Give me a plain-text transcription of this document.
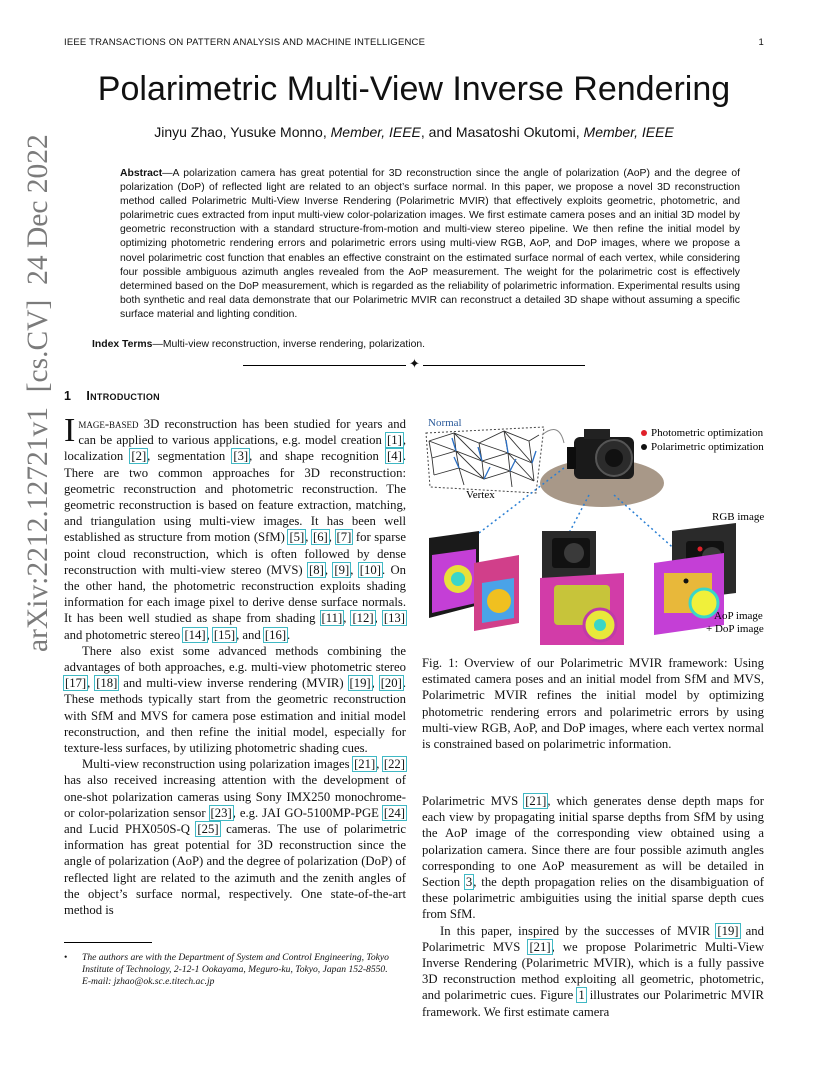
IEEE TRANSACTIONS ON PATTERN ANALYSIS AND MACHINE INTELLIGENCE	1
Polarimetric Multi-View Inverse Rendering
Jinyu Zhao, Yusuke Monno, Member, IEEE, and Masatoshi Okutomi, Member, IEEE
Abstract—A polarization camera has great potential for 3D reconstruction since the angle of polarization (AoP) and the degree of polarization (DoP) of reflected light are related to an object’s surface normal. In this paper, we propose a novel 3D reconstruction method called Polarimetric Multi-View Inverse Rendering (Polarimetric MVIR) that effectively exploits geometric, photometric, and polarimetric cues extracted from input multi-view color-polarization images. We first estimate camera poses and an initial 3D model by geometric reconstruction with a standard structure-from-motion and multi-view stereo pipeline. We then refine the initial model by optimizing photometric rendering errors and polarimetric errors using multi-view RGB, AoP, and DoP images, where we propose a novel polarimetric cost function that enables an effective constraint on the estimated surface normal of each vertex, while considering four possible ambiguous azimuth angles revealed from the AoP measurement. The weight for the polarimetric cost is effectively determined based on the DoP measurement, which is regarded as the reliability of polarimetric information. Experimental results using both synthetic and real data demonstrate that our Polarimetric MVIR can reconstruct a detailed 3D shape without assuming a specific surface material and lighting condition.
Index Terms—Multi-view reconstruction, inverse rendering, polarization.
✦
arXiv:2212.12721v1  [cs.CV]  24 Dec 2022 1 Introduction

Image-based 3D reconstruction has been studied for years and can be applied to various applications, e.g. model creation [1], localization [2], segmentation [3], and shape recognition [4]. There are two common approaches for 3D reconstruction: geometric reconstruction and photometric reconstruction. The geometric reconstruction is based on feature extraction, matching, and triangulation using multi-view images. It has been well established as structure from motion (SfM) [5], [6], [7] for sparse point cloud reconstruction, which is often followed by dense reconstruction with multi-view stereo (MVS) [8], [9], [10]. On the other hand, the photometric reconstruction exploits shading information for each image pixel to derive dense surface normals. It has been well studied as shape from shading [11], [12], [13] and photometric stereo [14], [15], and [16].

There also exist some advanced methods combining the advantages of both approaches, e.g. multi-view photometric stereo [17], [18] and multi-view inverse rendering (MVIR) [19], [20]. These methods typically start from the geometric reconstruction with SfM and MVS for camera pose estimation and initial model reconstruction, and then refine the initial model, especially for texture-less surfaces, by utilizing photometric shading cues.

Multi-view reconstruction using polarization images [21], [22] has also received increasing attention with the development of one-shot polarization cameras using Sony IMX250 monochrome- or color-polarization sensor [23], e.g. JAI GO-5100MP-PGE [24] and Lucid PHX050S-Q [25] cameras. The use of polarimetric information has great potential for 3D reconstruction since the angle of polarization (AoP) and the degree of polarization (DoP) of reflected light are related to the azimuth and the zenith angles of the object’s surface normal, respectively. One state-of-the-art method is

• The authors are with the Department of System and Control Engineering, Tokyo Institute of Technology, 2-12-1 Ookayama, Meguro-ku, Tokyo, Japan 152-8550.
E-mail: jzhao@ok.sc.e.titech.ac.jp
Normal
Vertex
Photometric optimization
Polarimetric optimization
RGB image
AoP image
+ DoP image
Fig. 1: Overview of our Polarimetric MVIR framework: Using estimated camera poses and an initial model from SfM and MVS, Polarimetric MVIR refines the initial model by optimizing photometric rendering errors and polarimetric errors by using multi-view RGB, AoP, and DoP images, where each vertex normal is constrained based on polarimetric information.

Polarimetric MVS [21], which generates dense depth maps for each view by propagating initial sparse depths from SfM by using the AoP image of the corresponding view obtained using a polarization camera. Since there are four possible azimuth angles corresponding to one AoP measurement as will be detailed in Section 3, the depth propagation relies on the disambiguation of these polarimetric ambiguities using the initial sparse depth cues from SfM.

In this paper, inspired by the successes of MVIR [19] and Polarimetric MVS [21], we propose Polarimetric Multi-View Inverse Rendering (Polarimetric MVIR), which is a fully passive 3D reconstruction method exploiting all geometric, photometric, and polarimetric cues. Figure 1 illustrates our Polarimetric MVIR framework. We first estimate camera
